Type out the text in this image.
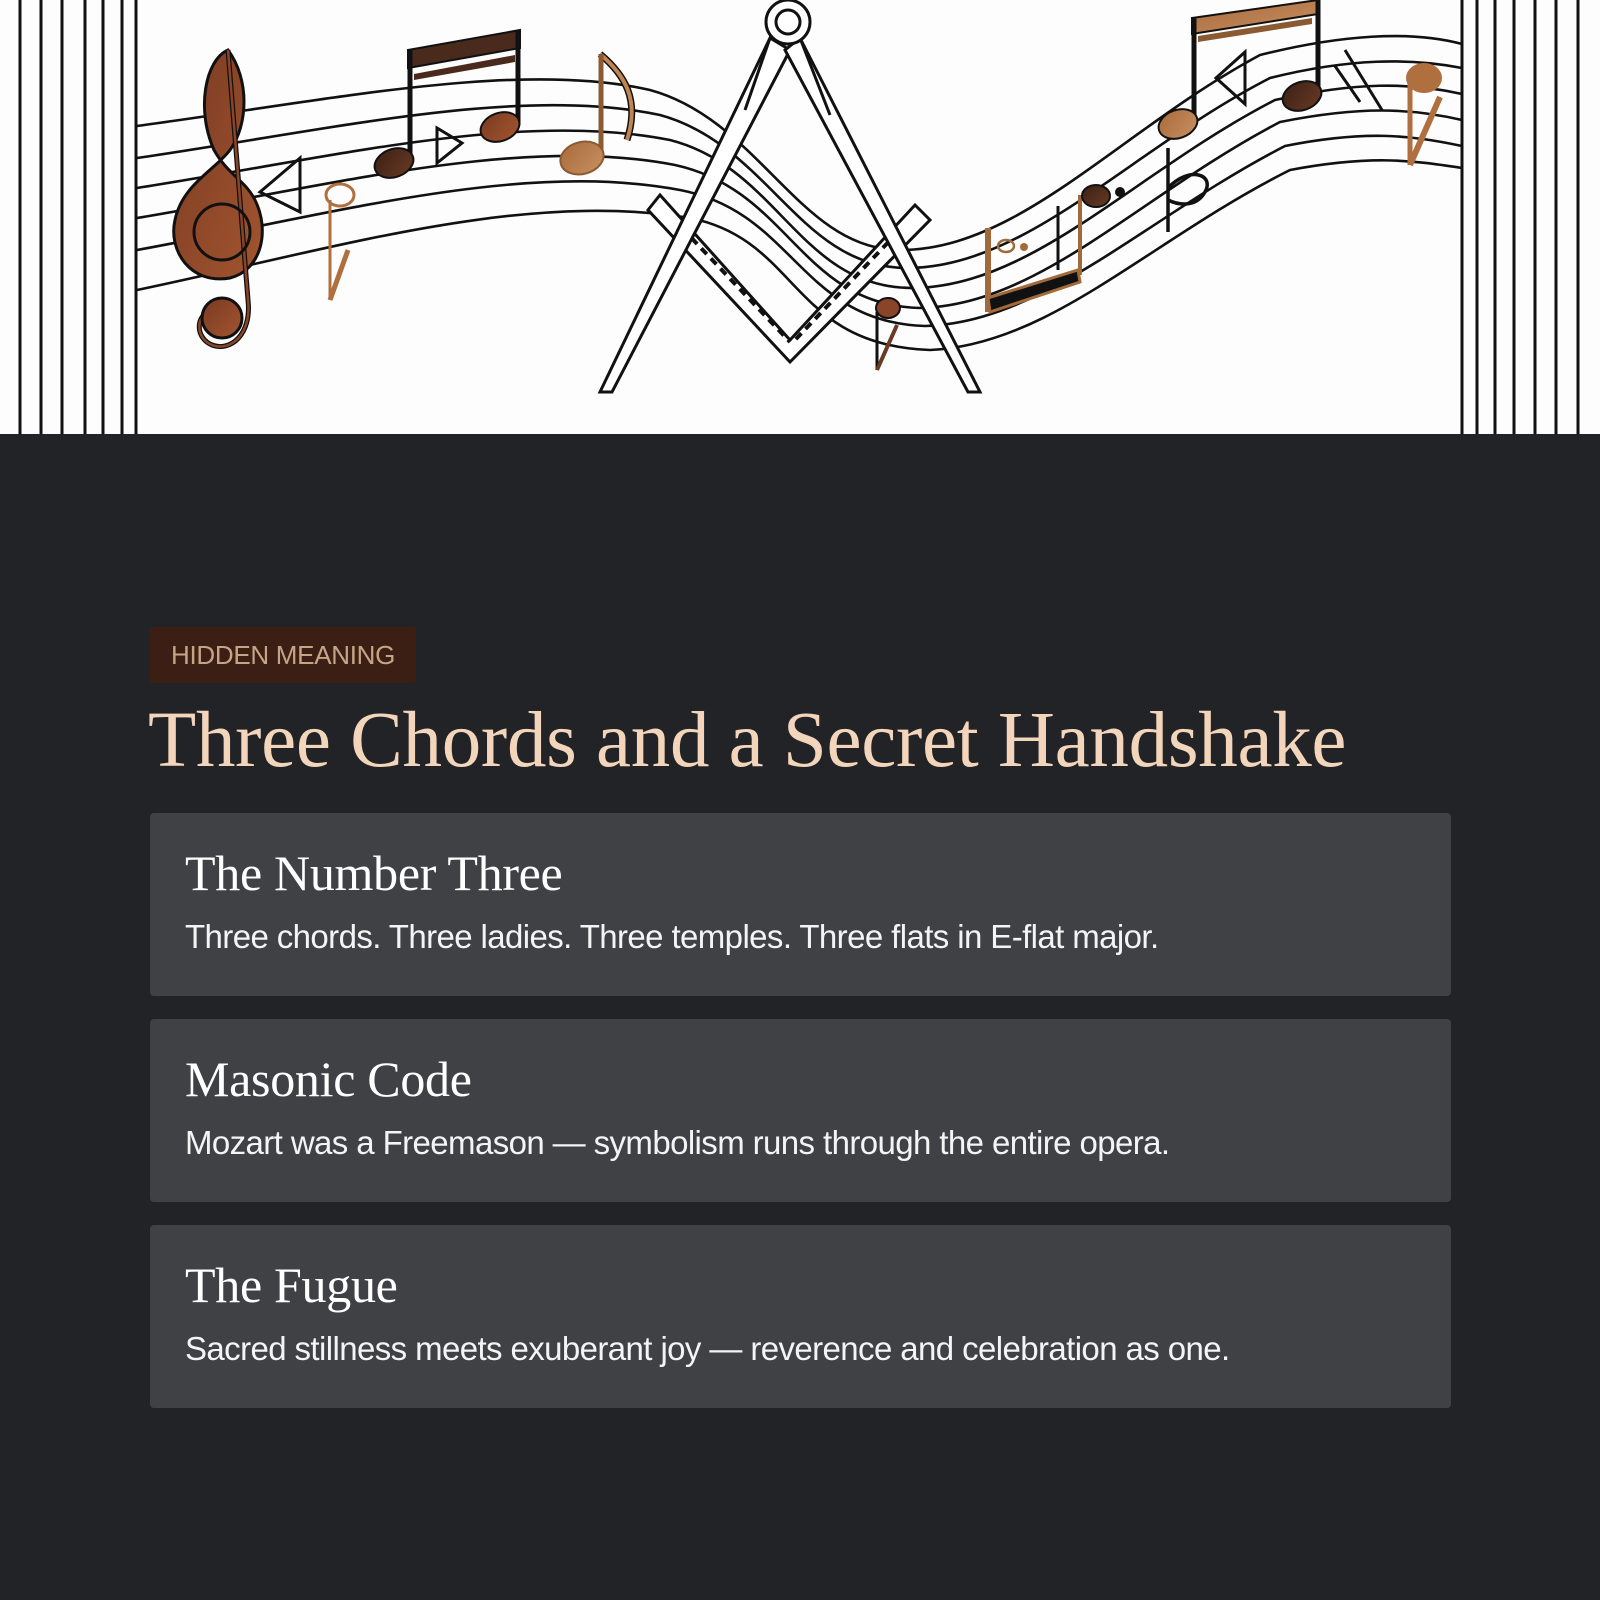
HIDDEN MEANING
Three Chords and a Secret Handshake
The Number Three

Three chords. Three ladies. Three temples. Three flats in E-flat major.

Masonic Code

Mozart was a Freemason — symbolism runs through the entire opera.

The Fugue

Sacred stillness meets exuberant joy — reverence and celebration as one.
